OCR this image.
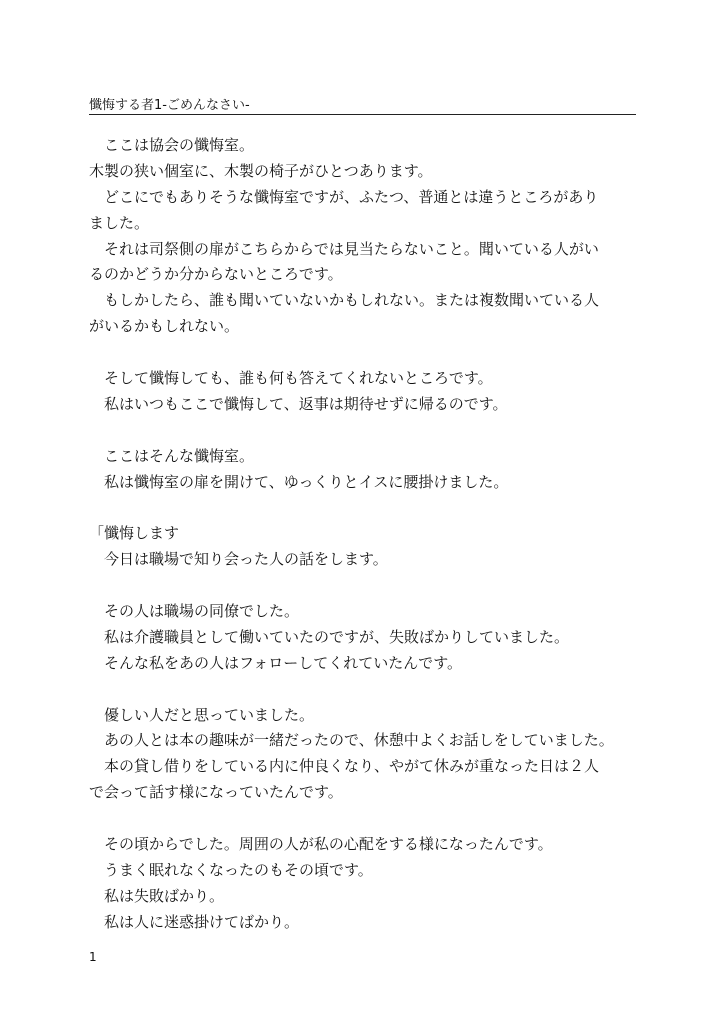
懺悔する者1-ごめんなさい-
　ここは協会の懺悔室。
木製の狭い個室に、木製の椅子がひとつあります。
　どこにでもありそうな懺悔室ですが、ふたつ、普通とは違うところがあり
ました。
　それは司祭側の扉がこちらからでは見当たらないこと。聞いている人がい
るのかどうか分からないところです。
　もしかしたら、誰も聞いていないかもしれない。または複数聞いている人
がいるかもしれない。
　そして懺悔しても、誰も何も答えてくれないところです。
　私はいつもここで懺悔して、返事は期待せずに帰るのです。
　ここはそんな懺悔室。
　私は懺悔室の扉を開けて、ゆっくりとイスに腰掛けました。
「懺悔します
　今日は職場で知り会った人の話をします。
　その人は職場の同僚でした。
　私は介護職員として働いていたのですが、失敗ばかりしていました。
　そんな私をあの人はフォローしてくれていたんです。
　優しい人だと思っていました。
　あの人とは本の趣味が一緒だったので、休憩中よくお話しをしていました。
　本の貸し借りをしている内に仲良くなり、やがて休みが重なった日は２人
で会って話す様になっていたんです。
　その頃からでした。周囲の人が私の心配をする様になったんです。
　うまく眠れなくなったのもその頃です。
　私は失敗ばかり。
　私は人に迷惑掛けてばかり。
1
